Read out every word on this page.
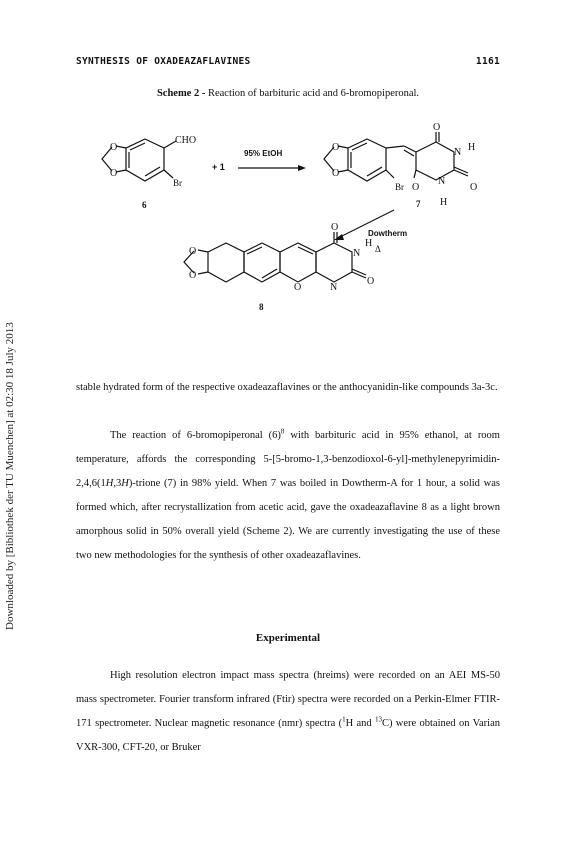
SYNTHESIS OF OXADEAZAFLAVINES	1161
Downloaded by [Bibliothek der TU Muenchen] at 02:30 18 July 2013
Scheme 2 - Reaction of barbituric acid and 6-bromopiperonal.
O
O
CHO
Br
6
+ 1
95% EtOH
O
O
O
N H
N
O
Br O
H
7
Dowtherm
Δ
O
O
O
O
N
H
N
O
8

stable hydrated form of the respective oxadeazaflavines or the anthocyanidin-like compounds 3a-3c.

The reaction of 6-bromopiperonal $(6)^8$ with barbituric acid in 95% ethanol, at room temperature, affords the corresponding 5-[5-bromo-1,3-benzodioxol-6-yl]-methylenepyrimidin-2,4,6(1H,3H)-trione (7) in 98% yield. When 7 was boiled in Dowtherm-A for 1 hour, a solid was formed which, after recrystallization from acetic acid, gave the oxadeazaflavine 8 as a light brown amorphous solid in 50% overall yield (Scheme 2). We are currently investigating the use of these two new methodologies for the synthesis of other oxadeazaflavines.

Experimental

High resolution electron impact mass spectra (hreims) were recorded on an AEI MS-50 mass spectrometer. Fourier transform infrared (Ftir) spectra were recorded on a Perkin-Elmer FTIR-171 spectrometer. Nuclear magnetic resonance (nmr) spectra ($^1$H and $^{13}$C) were obtained on Varian VXR-300, CFT-20, or Bruker
